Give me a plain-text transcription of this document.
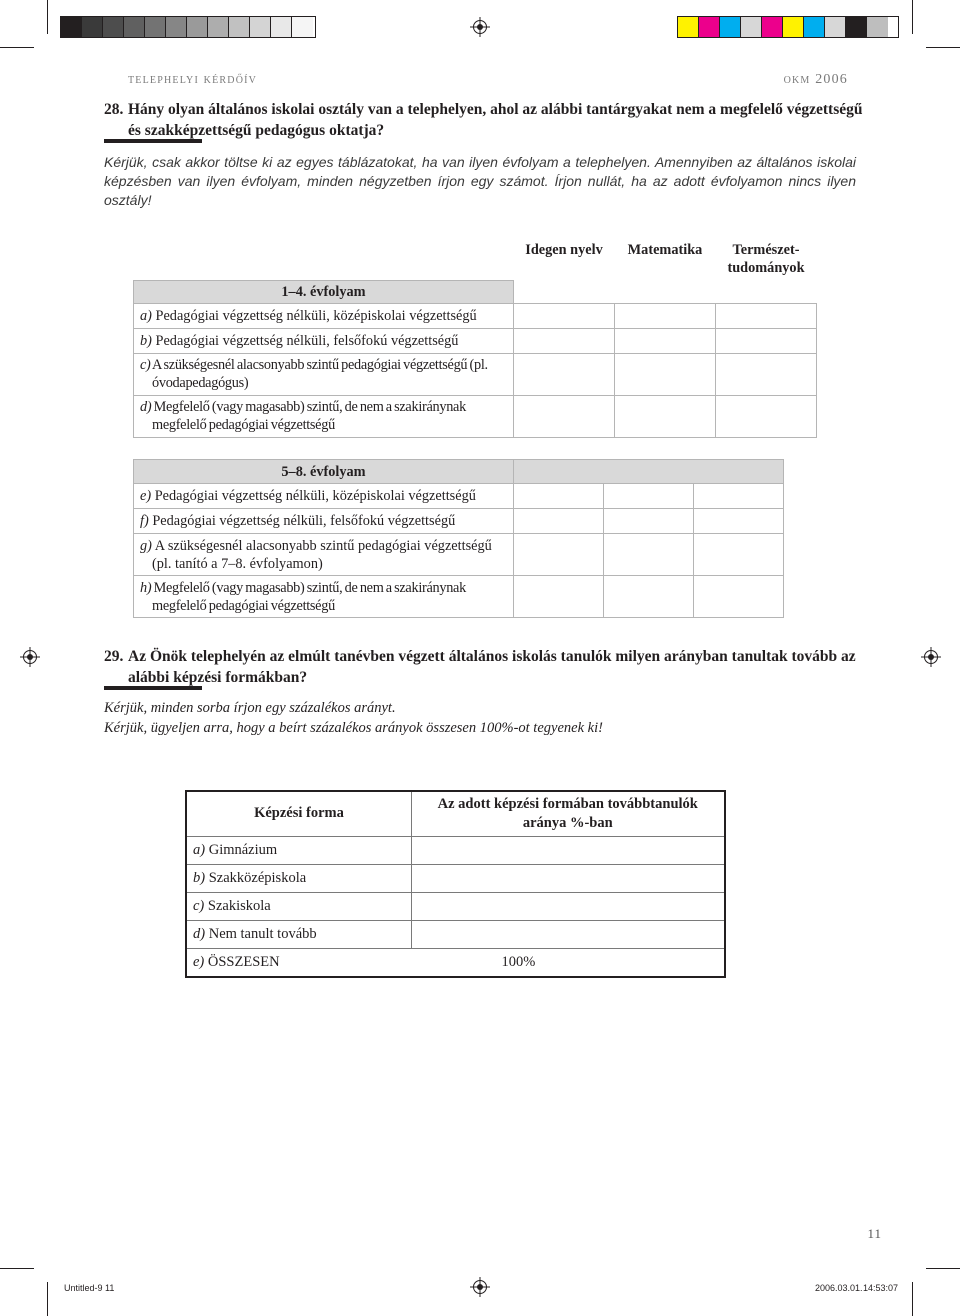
telephelyi kérdőív	okm 2006
28. Hány olyan általános iskolai osztály van a telephelyen, ahol az alábbi tantárgyakat nem a megfelelő végzettségű és szakképzettségű pedagógus oktatja?
Kérjük, csak akkor töltse ki az egyes táblázatokat, ha van ilyen évfolyam a telephelyen. Amennyiben az általános iskolai képzésben van ilyen évfolyam, minden négyzetben írjon egy számot. Írjon nullát, ha az adott évfolyamon nincs ilyen osztály!
	Idegen nyelv	Matematika	Természet-
tudományok
1–4. évfolyam			
a) Pedagógiai végzettség nélküli, középiskolai végzettségű			
b) Pedagógiai végzettség nélküli, felsőfokú végzettségű			

c) A szükségesnél alacsonyabb szintű pedagógiai végzettségű (pl. óvodapedagógus)			

d) Megfelelő (vagy magasabb) szintű, de nem a szakiránynak megfelelő pedagógiai végzettségű			

5–8. évfolyam			
e) Pedagógiai végzettség nélküli, középiskolai végzettségű			
f) Pedagógiai végzettség nélküli, felsőfokú végzettségű			

g) A szükségesnél alacsonyabb szintű pedagógiai végzettségű (pl. tanító a 7–8. évfolyamon)			

h) Megfelelő (vagy magasabb) szintű, de nem a szakiránynak megfelelő pedagógiai végzettségű			

29. Az Önök telephelyén az elmúlt tanévben végzett általános iskolás tanulók milyen arányban tanultak tovább az alábbi képzési formákban?
Kérjük, minden sorba írjon egy százalékos arányt.
Kérjük, ügyeljen arra, hogy a beírt százalékos arányok összesen 100%-ot tegyenek ki!
Képzési forma	Az adott képzési formában továbbtanulók aránya %-ban
a) Gimnázium	
b) Szakközépiskola	
c) Szakiskola	
d) Nem tanult tovább	
e) ÖSSZESEN	100%
11
Untitled-9 11	2006.03.01. 14:53:07
